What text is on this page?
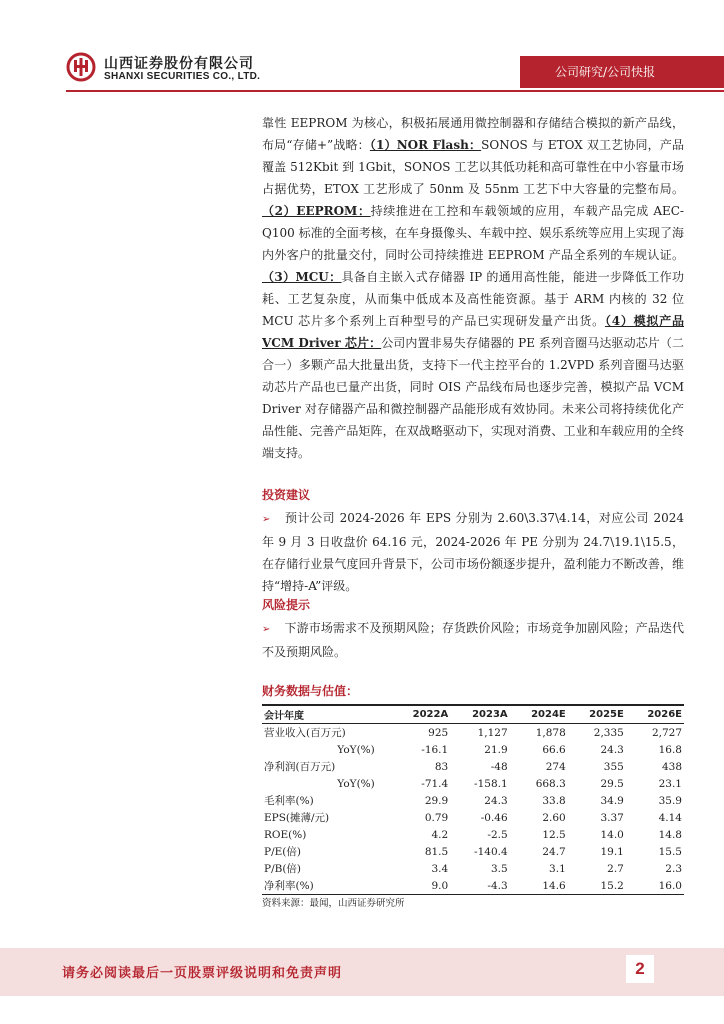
山西证券股份有限公司
SHANXI SECURITIES CO., LTD.	公司研究/公司快报
靠性 EEPROM 为核心，积极拓展通用微控制器和存储结合模拟的新产品线，布局“存储+”战略：（1）NOR Flash：SONOS 与 ETOX 双工艺协同，产品覆盖 512Kbit 到 1Gbit，SONOS 工艺以其低功耗和高可靠性在中小容量市场占据优势，ETOX 工艺形成了 50nm 及 55nm 工艺下中大容量的完整布局。（2）EEPROM：持续推进在工控和车载领域的应用，车载产品完成 AEC-Q100 标准的全面考核，在车身摄像头、车载中控、娱乐系统等应用上实现了海内外客户的批量交付，同时公司持续推进 EEPROM 产品全系列的车规认证。（3）MCU：具备自主嵌入式存储器 IP 的通用高性能，能进一步降低工作功耗、工艺复杂度，从而集中低成本及高性能资源。基于 ARM 内核的 32 位 MCU 芯片多个系列上百种型号的产品已实现研发量产出货。（4）模拟产品 VCM Driver 芯片：公司内置非易失存储器的 PE 系列音圈马达驱动芯片（二合一）多颗产品大批量出货，支持下一代主控平台的 1.2VPD 系列音圈马达驱动芯片产品也已量产出货，同时 OIS 产品线布局也逐步完善，模拟产品 VCM Driver 对存储器产品和微控制器产品能形成有效协同。未来公司将持续优化产品性能、完善产品矩阵，在双战略驱动下，实现对消费、工业和车载应用的全终端支持。
投资建议
➢ 预计公司 2024-2026 年 EPS 分别为 2.60\3.37\4.14，对应公司 2024 年 9 月 3 日收盘价 64.16 元，2024-2026 年 PE 分别为 24.7\19.1\15.5，在存储行业景气度回升背景下，公司市场份额逐步提升，盈利能力不断改善，维持“增持-A”评级。
风险提示
➢ 下游市场需求不及预期风险；存货跌价风险；市场竞争加剧风险；产品迭代不及预期风险。
财务数据与估值：
会计年度	2022A	2023A	2024E	2025E	2026E
营业收入(百万元)	925	1,127	1,878	2,335	2,727
YoY(%)	-16.1	21.9	66.6	24.3	16.8
净利润(百万元)	83	-48	274	355	438
YoY(%)	-71.4	-158.1	668.3	29.5	23.1
毛利率(%)	29.9	24.3	33.8	34.9	35.9
EPS(摊薄/元)	0.79	-0.46	2.60	3.37	4.14
ROE(%)	4.2	-2.5	12.5	14.0	14.8
P/E(倍)	81.5	-140.4	24.7	19.1	15.5
P/B(倍)	3.4	3.5	3.1	2.7	2.3
净利率(%)	9.0	-4.3	14.6	15.2	16.0
资料来源：最闻，山西证券研究所
请务必阅读最后一页股票评级说明和免责声明	2
